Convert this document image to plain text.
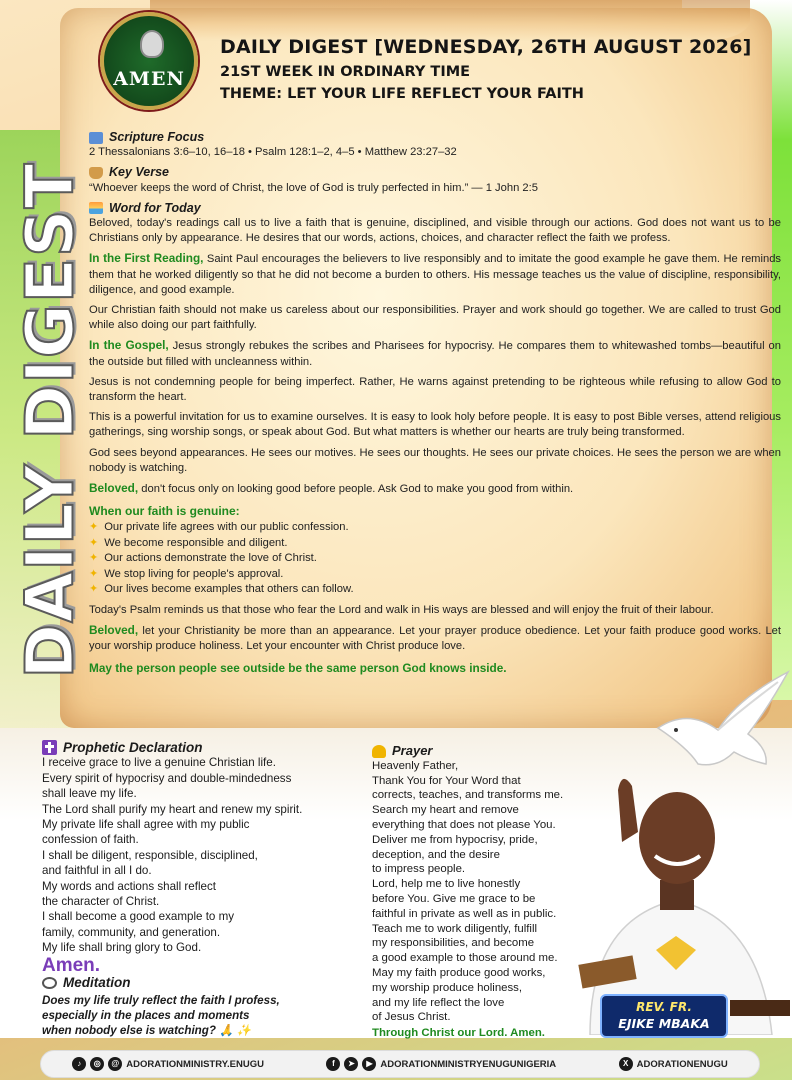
AMEN
DAILY DIGEST [WEDNESDAY, 26TH AUGUST 2026]
21ST WEEK IN ORDINARY TIME
THEME: LET YOUR LIFE REFLECT YOUR FAITH
DAILY DIGEST
Scripture Focus
2 Thessalonians 3:6–10, 16–18 • Psalm 128:1–2, 4–5 • Matthew 23:27–32
Key Verse
“Whoever keeps the word of Christ, the love of God is truly perfected in him.” — 1 John 2:5
Word for Today
Beloved, today's readings call us to live a faith that is genuine, disciplined, and visible through our actions. God does not want us to be Christians only by appearance. He desires that our words, actions, choices, and character reflect the faith we profess.
In the First Reading, Saint Paul encourages the believers to live responsibly and to imitate the good example he gave them. He reminds them that he worked diligently so that he did not become a burden to others. His message teaches us the value of discipline, responsibility, diligence, and good example.
Our Christian faith should not make us careless about our responsibilities. Prayer and work should go together. We are called to trust God while also doing our part faithfully.
In the Gospel, Jesus strongly rebukes the scribes and Pharisees for hypocrisy. He compares them to whitewashed tombs—beautiful on the outside but filled with uncleanness within.
Jesus is not condemning people for being imperfect. Rather, He warns against pretending to be righteous while refusing to allow God to transform the heart.
This is a powerful invitation for us to examine ourselves. It is easy to look holy before people. It is easy to post Bible verses, attend religious gatherings, sing worship songs, or speak about God. But what matters is whether our hearts are truly being transformed.
God sees beyond appearances. He sees our motives. He sees our thoughts. He sees our private choices. He sees the person we are when nobody is watching.
Beloved, don't focus only on looking good before people. Ask God to make you good from within.
When our faith is genuine:
✦ Our private life agrees with our public confession.
✦ We become responsible and diligent.
✦ Our actions demonstrate the love of Christ.
✦ We stop living for people's approval.
✦ Our lives become examples that others can follow.
Today's Psalm reminds us that those who fear the Lord and walk in His ways are blessed and will enjoy the fruit of their labour.
Beloved, let your Christianity be more than an appearance. Let your prayer produce obedience. Let your faith produce good works. Let your worship produce holiness. Let your encounter with Christ produce love.
May the person people see outside be the same person God knows inside.
Prophetic Declaration
I receive grace to live a genuine Christian life.
Every spirit of hypocrisy and double-mindedness
shall leave my life.
The Lord shall purify my heart and renew my spirit.
My private life shall agree with my public
confession of faith.
I shall be diligent, responsible, disciplined,
and faithful in all I do.
My words and actions shall reflect
the character of Christ.
I shall become a good example to my
family, community, and generation.
My life shall bring glory to God.
Amen.
Meditation
Does my life truly reflect the faith I profess,
especially in the places and moments
when nobody else is watching? 🙏 ✨
Prayer
Heavenly Father,
Thank You for Your Word that
corrects, teaches, and transforms me.
Search my heart and remove
everything that does not please You.
Deliver me from hypocrisy, pride,
deception, and the desire
to impress people.
Lord, help me to live honestly
before You. Give me grace to be
faithful in private as well as in public.
Teach me to work diligently, fulfill
my responsibilities, and become
a good example to those around me.
May my faith produce good works,
my worship produce holiness,
and my life reflect the love
of Jesus Christ.
Through Christ our Lord. Amen.
REV. FR.
EJIKE MBAKA
♪	◎	@ ADORATIONMINISTRY.ENUGU	f	➤	▶ ADORATIONMINISTRYENUGUNIGERIA	X ADORATIONENUGU
